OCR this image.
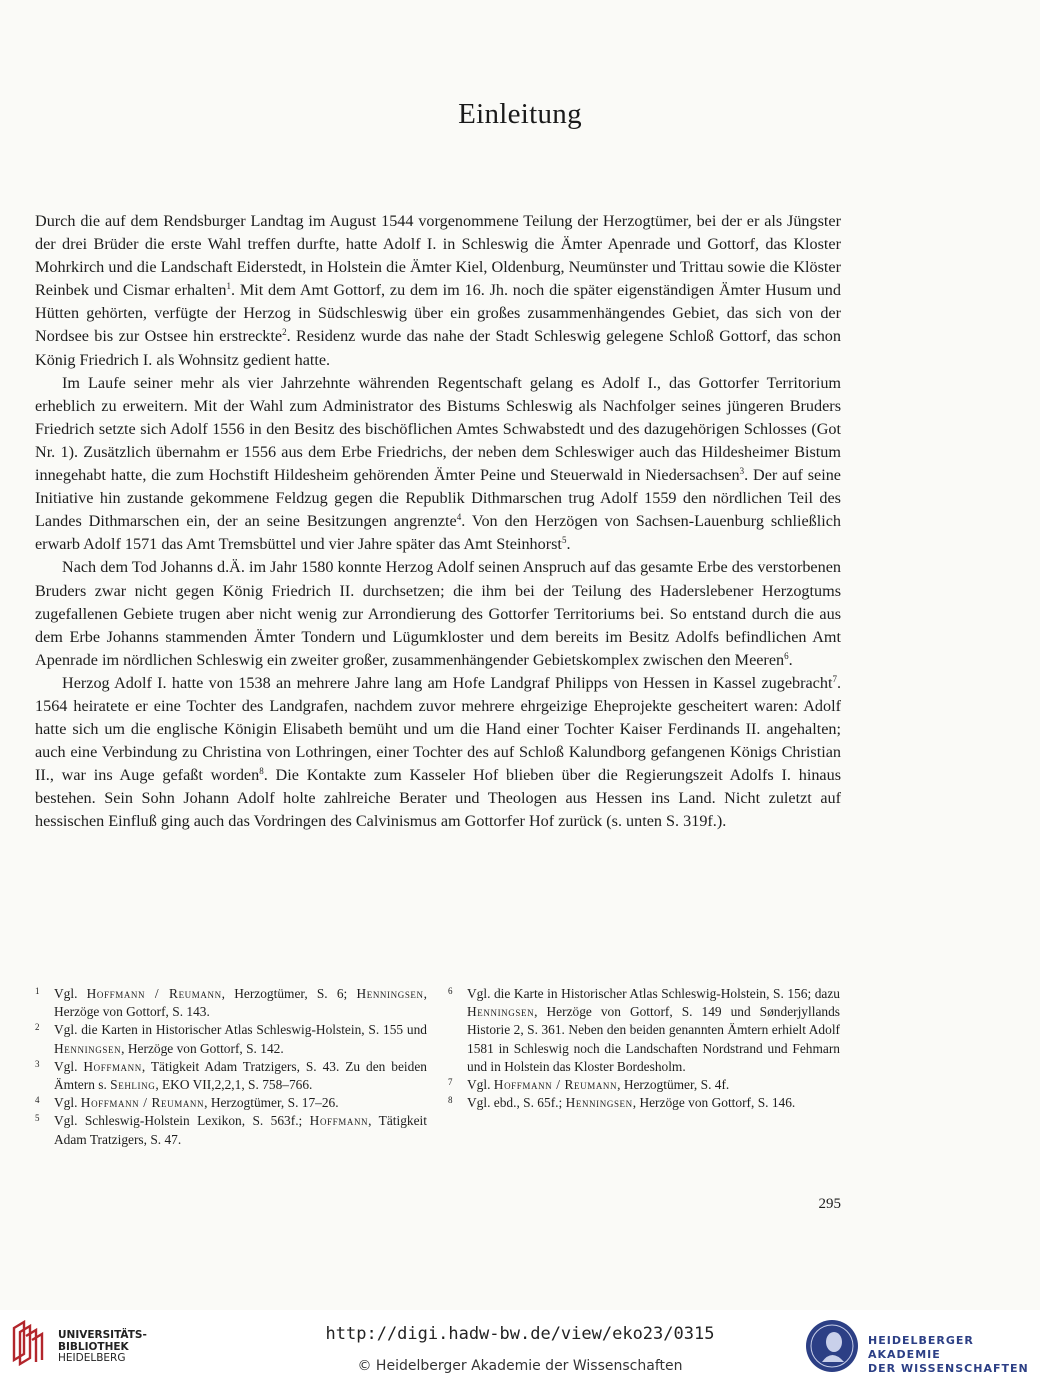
Einleitung

Durch die auf dem Rendsburger Landtag im August 1544 vorgenommene Teilung der Herzogtümer, bei der er als Jüngster der drei Brüder die erste Wahl treffen durfte, hatte Adolf I. in Schleswig die Ämter Apenrade und Gottorf, das Kloster Mohrkirch und die Landschaft Eiderstedt, in Holstein die Ämter Kiel, Oldenburg, Neumünster und Trittau sowie die Klöster Reinbek und Cismar erhalten$^1$. Mit dem Amt Gottorf, zu dem im 16. Jh. noch die später eigenständigen Ämter Husum und Hütten gehörten, verfügte der Herzog in Südschleswig über ein großes zusammenhängendes Gebiet, das sich von der Nordsee bis zur Ostsee hin erstreckte$^2$. Residenz wurde das nahe der Stadt Schleswig gelegene Schloß Gottorf, das schon König Friedrich I. als Wohnsitz gedient hatte.

Im Laufe seiner mehr als vier Jahrzehnte währenden Regentschaft gelang es Adolf I., das Gottorfer Territorium erheblich zu erweitern. Mit der Wahl zum Administrator des Bistums Schleswig als Nachfolger seines jüngeren Bruders Friedrich setzte sich Adolf 1556 in den Besitz des bischöflichen Amtes Schwabstedt und des dazugehörigen Schlosses (Got Nr. 1). Zusätzlich übernahm er 1556 aus dem Erbe Friedrichs, der neben dem Schleswiger auch das Hildesheimer Bistum innegehabt hatte, die zum Hochstift Hildesheim gehörenden Ämter Peine und Steuerwald in Niedersachsen$^3$. Der auf seine Initiative hin zustande gekommene Feldzug gegen die Republik Dithmarschen trug Adolf 1559 den nördlichen Teil des Landes Dithmarschen ein, der an seine Besitzungen angrenzte$^4$. Von den Herzögen von Sachsen-Lauenburg schließlich erwarb Adolf 1571 das Amt Tremsbüttel und vier Jahre später das Amt Steinhorst$^5$.

Nach dem Tod Johanns d.Ä. im Jahr 1580 konnte Herzog Adolf seinen Anspruch auf das gesamte Erbe des verstorbenen Bruders zwar nicht gegen König Friedrich II. durchsetzen; die ihm bei der Teilung des Haderslebener Herzogtums zugefallenen Gebiete trugen aber nicht wenig zur Arrondierung des Gottorfer Territoriums bei. So entstand durch die aus dem Erbe Johanns stammenden Ämter Tondern und Lügumkloster und dem bereits im Besitz Adolfs befindlichen Amt Apenrade im nördlichen Schleswig ein zweiter großer, zusammenhängender Gebietskomplex zwischen den Meeren$^6$.

Herzog Adolf I. hatte von 1538 an mehrere Jahre lang am Hofe Landgraf Philipps von Hessen in Kassel zugebracht$^7$. 1564 heiratete er eine Tochter des Landgrafen, nachdem zuvor mehrere ehrgeizige Eheprojekte gescheitert waren: Adolf hatte sich um die englische Königin Elisabeth bemüht und um die Hand einer Tochter Kaiser Ferdinands II. angehalten; auch eine Verbindung zu Christina von Lothringen, einer Tochter des auf Schloß Kalundborg gefangenen Königs Christian II., war ins Auge gefaßt worden$^8$. Die Kontakte zum Kasseler Hof blieben über die Regierungszeit Adolfs I. hinaus bestehen. Sein Sohn Johann Adolf holte zahlreiche Berater und Theologen aus Hessen ins Land. Nicht zuletzt auf hessischen Einfluß ging auch das Vordringen des Calvinismus am Gottorfer Hof zurück (s. unten S. 319f.).

1 Vgl. Hoffmann / Reumann, Herzogtümer, S. 6; Henningsen, Herzöge von Gottorf, S. 143.

2 Vgl. die Karten in Historischer Atlas Schleswig-Holstein, S. 155 und Henningsen, Herzöge von Gottorf, S. 142.

3 Vgl. Hoffmann, Tätigkeit Adam Tratzigers, S. 43. Zu den beiden Ämtern s. Sehling, EKO VII,2,2,1, S. 758–766.

4 Vgl. Hoffmann / Reumann, Herzogtümer, S. 17–26.

5 Vgl. Schleswig-Holstein Lexikon, S. 563f.; Hoffmann, Tätigkeit Adam Tratzigers, S. 47.

6 Vgl. die Karte in Historischer Atlas Schleswig-Holstein, S. 156; dazu Henningsen, Herzöge von Gottorf, S. 149 und Sønderjyllands Historie 2, S. 361. Neben den beiden genannten Ämtern erhielt Adolf 1581 in Schleswig noch die Landschaften Nordstrand und Fehmarn und in Holstein das Kloster Bordesholm.

7 Vgl. Hoffmann / Reumann, Herzogtümer, S. 4f.

8 Vgl. ebd., S. 65f.; Henningsen, Herzöge von Gottorf, S. 146.

295
UNIVERSITÄTS-
BIBLIOTHEK
HEIDELBERG
http://digi.hadw-bw.de/view/eko23/0315
© Heidelberger Akademie der Wissenschaften
HEIDELBERGER AKADEMIE
DER WISSENSCHAFTEN
